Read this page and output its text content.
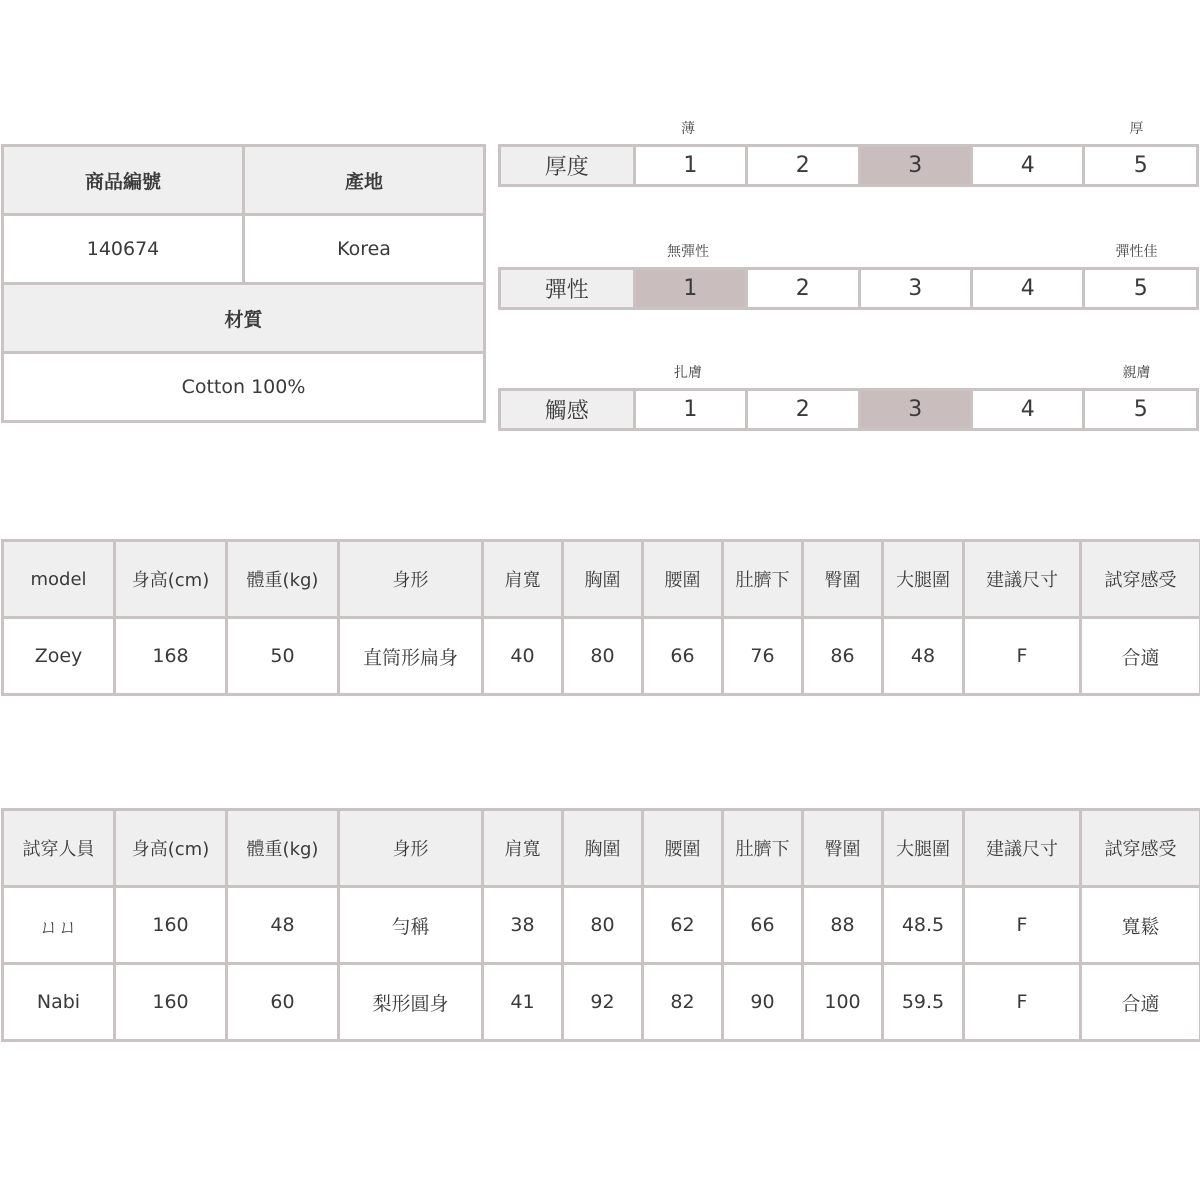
商品編號	產地
140674	Korea
材質	
Cotton 100%	
薄	厚
厚度	1	2	3	4	5
無彈性	彈性佳
彈性	1	2	3	4	5
扎膚	親膚
觸感	1	2	3	4	5
model	身高(cm)	體重(kg)	身形	肩寬	胸圍	腰圍	肚臍下	臀圍	大腿圍	建議尺寸	試穿感受
Zoey	168	50	直筒形扁身	40	80	66	76	86	48	F	合適
試穿人員	身高(cm)	體重(kg)	身形	肩寬	胸圍	腰圍	肚臍下	臀圍	大腿圍	建議尺寸	試穿感受
ㄩㄩ	160	48	勻稱	38	80	62	66	88	48.5	F	寬鬆
Nabi	160	60	梨形圓身	41	92	82	90	100	59.5	F	合適
